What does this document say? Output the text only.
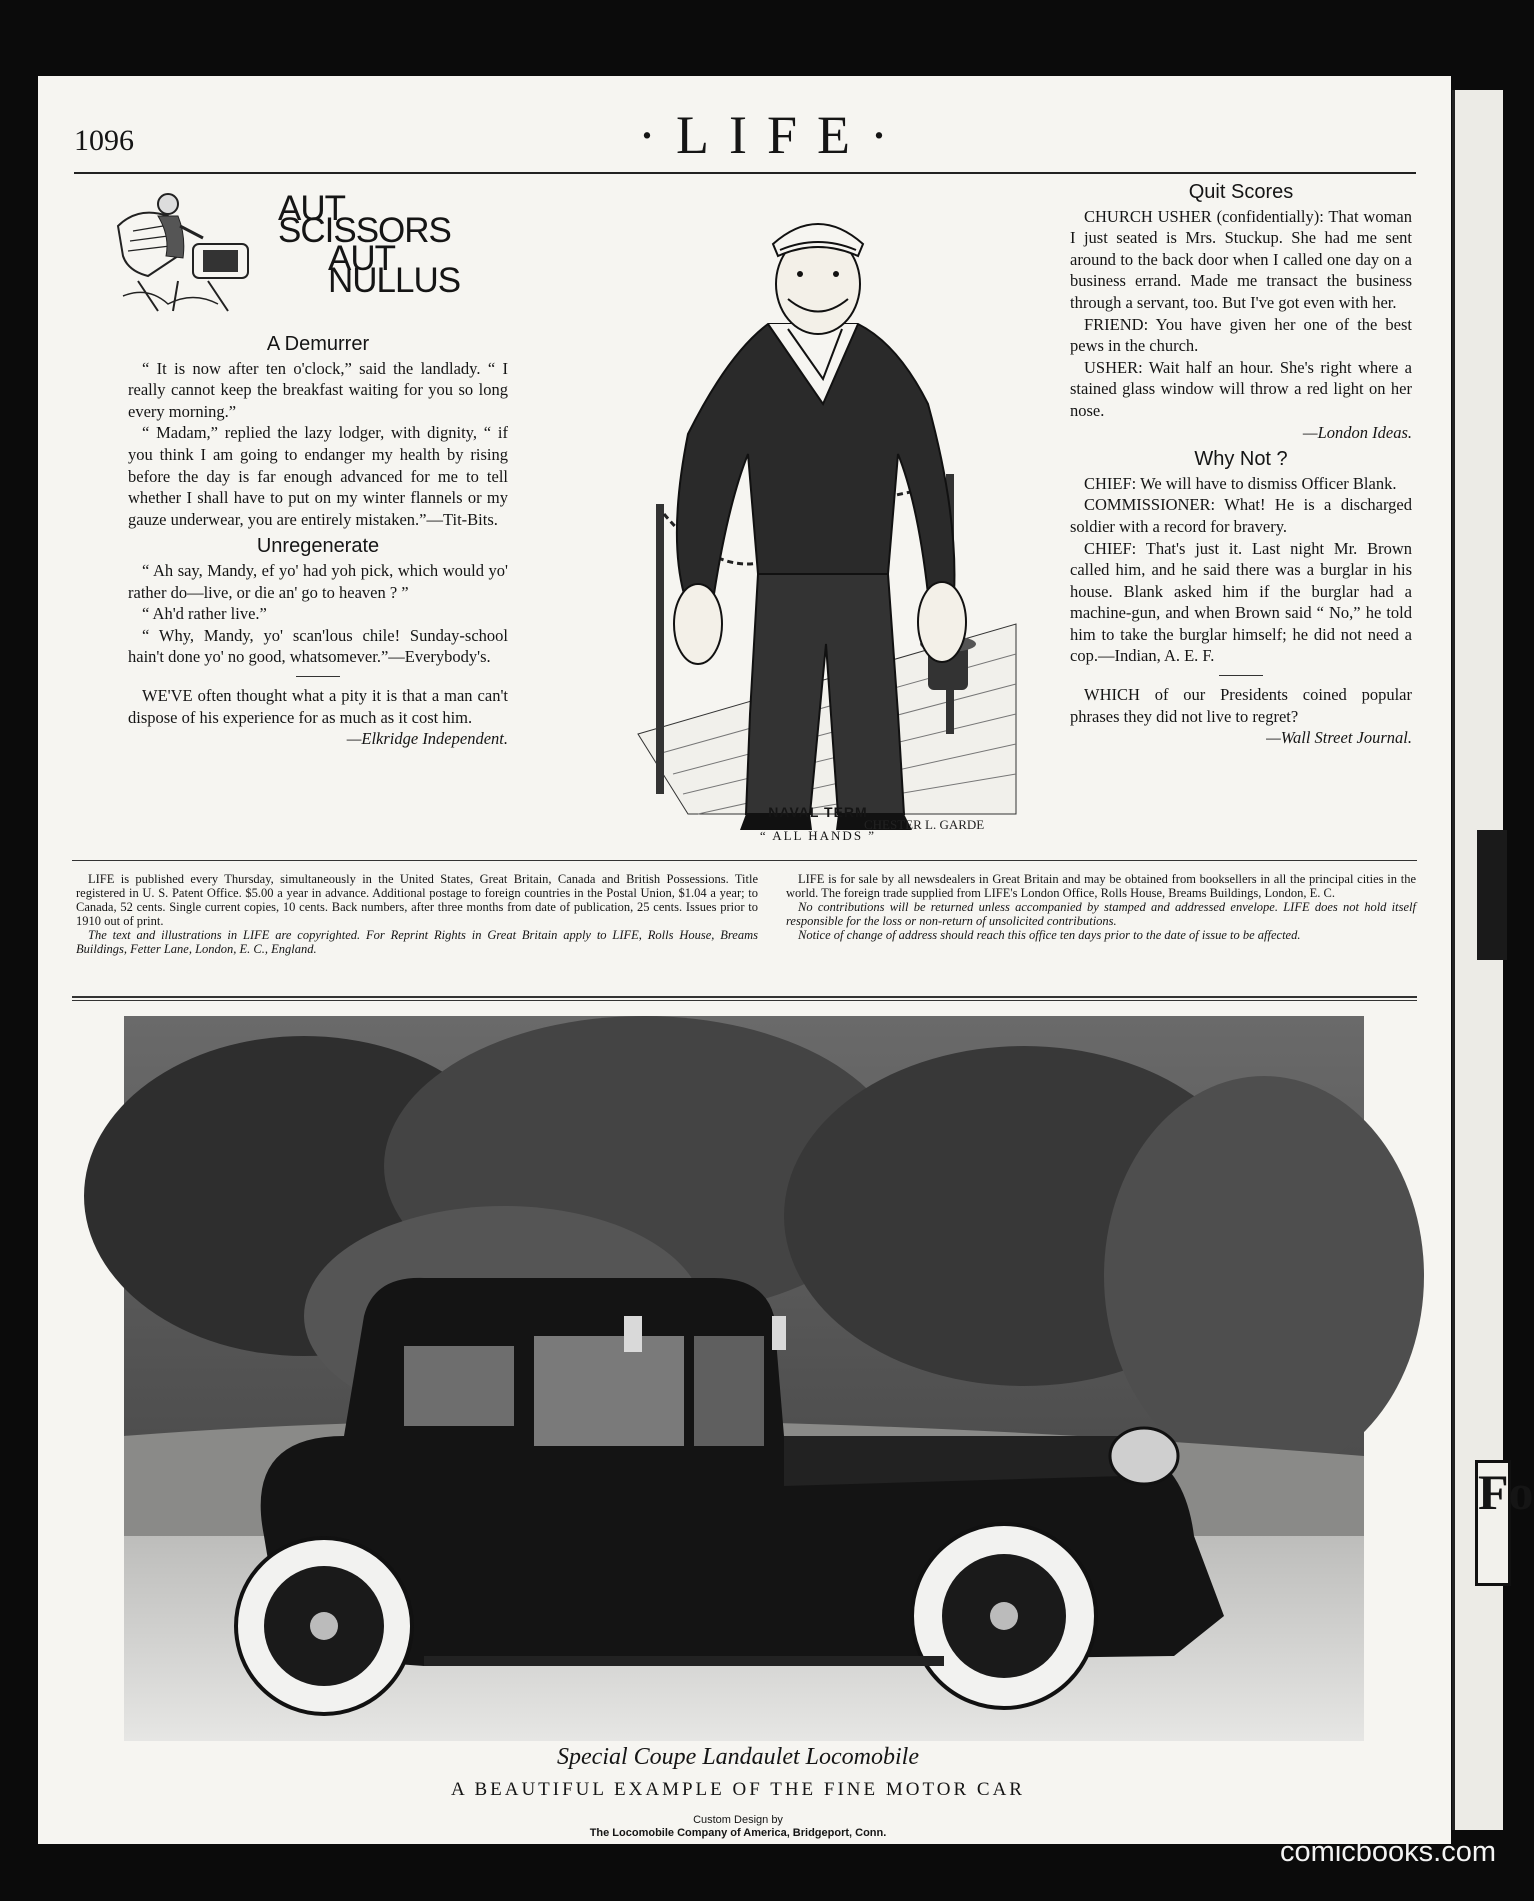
1096	·LIFE·
AUT SCISSORS
AUT NULLUS
A Demurrer

“ It is now after ten o'clock,” said the landlady. “ I really cannot keep the breakfast waiting for you so long every morning.”

“ Madam,” replied the lazy lodger, with dignity, “ if you think I am going to endanger my health by rising before the day is far enough advanced for me to tell whether I shall have to put on my winter flannels or my gauze underwear, you are entirely mistaken.”—Tit-Bits.

Unregenerate

“ Ah say, Mandy, ef yo' had yoh pick, which would yo' rather do—live, or die an' go to heaven ? ”

“ Ah'd rather live.”

“ Why, Mandy, yo' scan'lous chile! Sunday-school hain't done yo' no good, whatsomever.”—Everybody's.

WE'VE often thought what a pity it is that a man can't dispose of his experience for as much as it cost him.

—Elkridge Independent.

CHESTER L. GARDE
NAVAL TERM
“ ALL HANDS ”
Quit Scores

CHURCH USHER (confidentially): That woman I just seated is Mrs. Stuckup. She had me sent around to the back door when I called one day on a business errand. Made me transact the business through a servant, too. But I've got even with her.

FRIEND: You have given her one of the best pews in the church.

USHER: Wait half an hour. She's right where a stained glass window will throw a red light on her nose.

—London Ideas.

Why Not ?

CHIEF: We will have to dismiss Officer Blank.

COMMISSIONER: What! He is a discharged soldier with a record for bravery.

CHIEF: That's just it. Last night Mr. Brown called him, and he said there was a burglar in his house. Blank asked him if the burglar had a machine-gun, and when Brown said “ No,” he told him to take the burglar himself; he did not need a cop.—Indian, A. E. F.

WHICH of our Presidents coined popular phrases they did not live to regret?

—Wall Street Journal.

LIFE is published every Thursday, simultaneously in the United States, Great Britain, Canada and British Possessions. Title registered in U. S. Patent Office. $5.00 a year in advance. Additional postage to foreign countries in the Postal Union, $1.04 a year; to Canada, 52 cents. Single current copies, 10 cents. Back numbers, after three months from date of publication, 25 cents. Issues prior to 1910 out of print.

The text and illustrations in LIFE are copyrighted. For Reprint Rights in Great Britain apply to LIFE, Rolls House, Breams Buildings, Fetter Lane, London, E. C., England.

LIFE is for sale by all newsdealers in Great Britain and may be obtained from booksellers in all the principal cities in the world. The foreign trade supplied from LIFE's London Office, Rolls House, Breams Buildings, London, E. C.

No contributions will be returned unless accompanied by stamped and addressed envelope. LIFE does not hold itself responsible for the loss or non-return of unsolicited contributions.

Notice of change of address should reach this office ten days prior to the date of issue to be affected.

Special Coupe Landaulet Locomobile
A BEAUTIFUL EXAMPLE OF THE FINE MOTOR CAR
Custom Design by
The Locomobile Company of America, Bridgeport, Conn.
Fo
comicbooks.com
